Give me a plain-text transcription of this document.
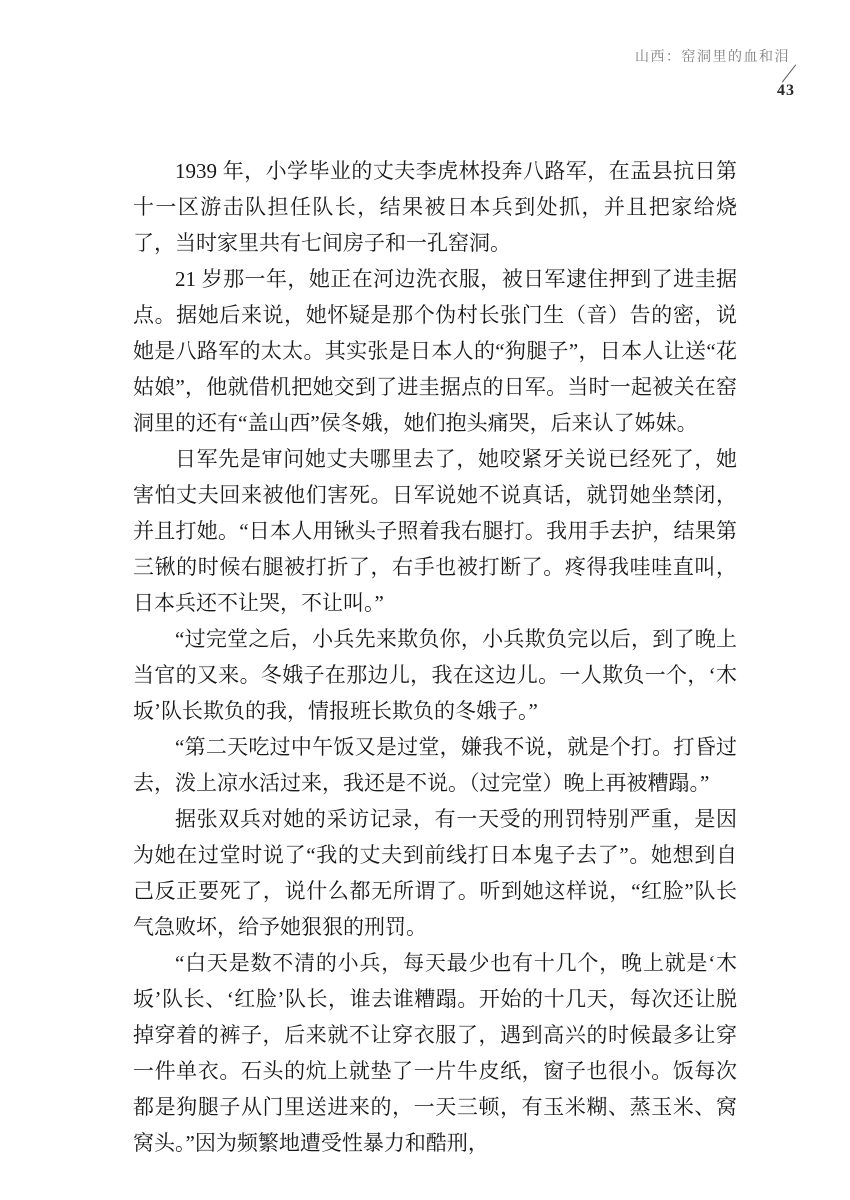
山西：窑洞里的血和泪
43

1939 年，小学毕业的丈夫李虎林投奔八路军，在盂县抗日第十一区游击队担任队长，结果被日本兵到处抓，并且把家给烧了，当时家里共有七间房子和一孔窑洞。

21 岁那一年，她正在河边洗衣服，被日军逮住押到了进圭据点。据她后来说，她怀疑是那个伪村长张门生（音）告的密，说她是八路军的太太。其实张是日本人的“狗腿子”，日本人让送“花姑娘”，他就借机把她交到了进圭据点的日军。当时一起被关在窑洞里的还有“盖山西”侯冬娥，她们抱头痛哭，后来认了姊妹。

日军先是审问她丈夫哪里去了，她咬紧牙关说已经死了，她害怕丈夫回来被他们害死。日军说她不说真话，就罚她坐禁闭，并且打她。“日本人用锹头子照着我右腿打。我用手去护，结果第三锹的时候右腿被打折了，右手也被打断了。疼得我哇哇直叫，日本兵还不让哭，不让叫。”

“过完堂之后，小兵先来欺负你，小兵欺负完以后，到了晚上当官的又来。冬娥子在那边儿，我在这边儿。一人欺负一个，‘木坂’队长欺负的我，情报班长欺负的冬娥子。”

“第二天吃过中午饭又是过堂，嫌我不说，就是个打。打昏过去，泼上凉水活过来，我还是不说。（过完堂）晚上再被糟蹋。”

据张双兵对她的采访记录，有一天受的刑罚特别严重，是因为她在过堂时说了“我的丈夫到前线打日本鬼子去了”。她想到自己反正要死了，说什么都无所谓了。听到她这样说，“红脸”队长气急败坏，给予她狠狠的刑罚。

“白天是数不清的小兵，每天最少也有十几个，晚上就是‘木坂’队长、‘红脸’队长，谁去谁糟蹋。开始的十几天，每次还让脱掉穿着的裤子，后来就不让穿衣服了，遇到高兴的时候最多让穿一件单衣。石头的炕上就垫了一片牛皮纸，窗子也很小。饭每次都是狗腿子从门里送进来的，一天三顿，有玉米糊、蒸玉米、窝窝头。”因为频繁地遭受性暴力和酷刑，
